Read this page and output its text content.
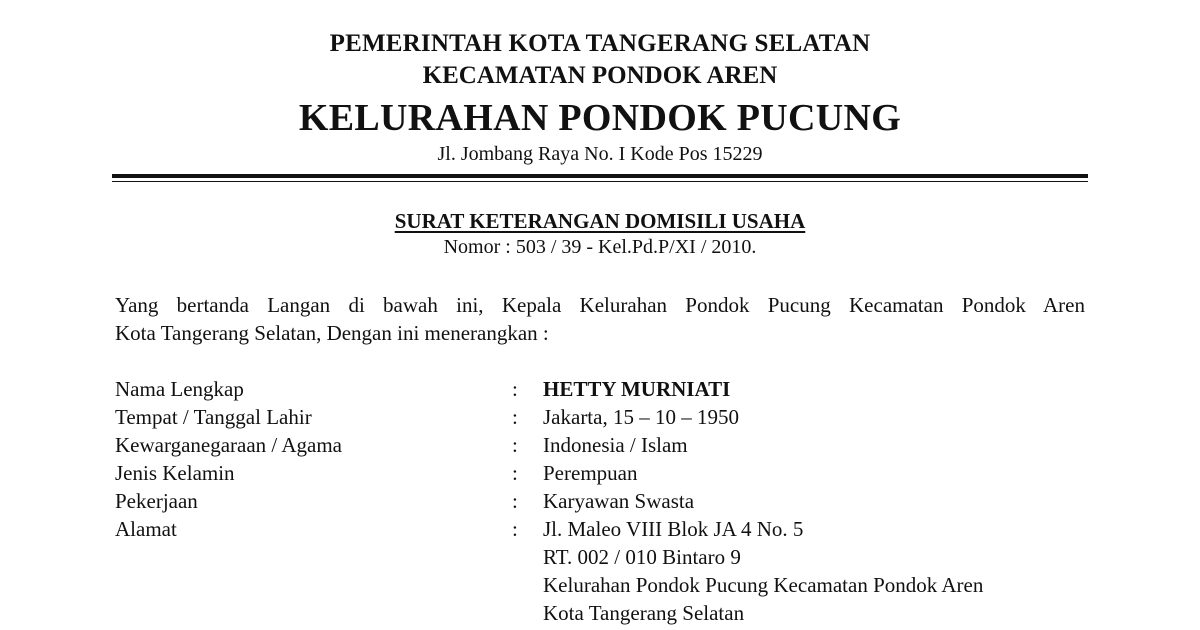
PEMERINTAH KOTA TANGERANG SELATAN
KECAMATAN PONDOK AREN
KELURAHAN PONDOK PUCUNG
Jl. Jombang Raya No. I Kode Pos 15229
SURAT KETERANGAN DOMISILI USAHA
Nomor : 503 / 39 - Kel.Pd.P/XI / 2010.
Yang bertanda Langan di bawah ini, Kepala Kelurahan Pondok Pucung Kecamatan Pondok Aren
Kota Tangerang Selatan, Dengan ini menerangkan :
Nama Lengkap	: HETTY MURNIATI
Tempat / Tanggal Lahir	: Jakarta, 15 – 10 – 1950
Kewarganegaraan / Agama	: Indonesia / Islam
Jenis Kelamin	: Perempuan
Pekerjaan	: Karyawan Swasta
Alamat	: Jl. Maleo VIII Blok JA 4 No. 5
RT. 002 / 010 Bintaro 9
Kelurahan Pondok Pucung Kecamatan Pondok Aren
Kota Tangerang Selatan
